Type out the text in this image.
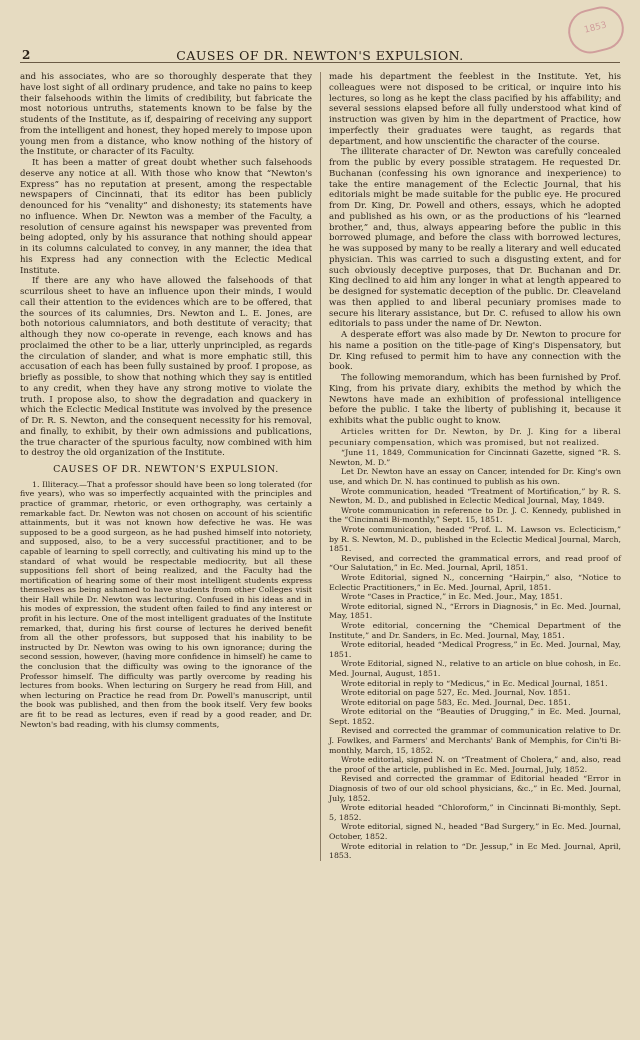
2	CAUSES OF DR. NEWTON'S EXPULSION.
1853

and his associates, who are so thoroughly desperate that they have lost sight of all ordinary prudence, and take no pains to keep their falsehoods within the limits of credibility, but fabricate the most notorious untruths, statements known to be false by the students of the Institute, as if, despairing of receiving any support from the intelligent and honest, they hoped merely to impose upon young men from a distance, who know nothing of the history of the Institute, or character of its Faculty.

It has been a matter of great doubt whether such falsehoods deserve any notice at all. With those who know that “Newton's Express” has no reputation at present, among the respectable newspapers of Cincinnati, that its editor has been publicly denounced for his “venality” and dishonesty; its statements have no influence. When Dr. Newton was a member of the Faculty, a resolution of censure against his newspaper was prevented from being adopted, only by his assurance that nothing should appear in its columns calculated to convey, in any manner, the idea that his Express had any connection with the Eclectic Medical Institute.

If there are any who have allowed the falsehoods of that scurrilous sheet to have an influence upon their minds, I would call their attention to the evidences which are to be offered, that the sources of its calumnies, Drs. Newton and L. E. Jones, are both notorious calumniators, and both destitute of veracity; that although they now co-operate in revenge, each knows and has proclaimed the other to be a liar, utterly unprincipled, as regards the circulation of slander, and what is more emphatic still, this accusation of each has been fully sustained by proof. I propose, as briefly as possible, to show that nothing which they say is entitled to any credit, when they have any strong motive to violate the truth. I propose also, to show the degradation and quackery in which the Eclectic Medical Institute was involved by the presence of Dr. R. S. Newton, and the consequent necessity for his removal, and finally, to exhibit, by their own admissions and publications, the true character of the spurious faculty, now combined with him to destroy the old organization of the Institute.

CAUSES OF DR. NEWTON'S EXPULSION.

1. Illiteracy.—That a professor should have been so long tolerated (for five years), who was so imperfectly acquainted with the principles and practice of grammar, rhetoric, or even orthography, was certainly a remarkable fact. Dr. Newton was not chosen on account of his scientific attainments, but it was not known how defective he was. He was supposed to be a good surgeon, as he had pushed himself into notoriety, and supposed, also, to be a very successful practitioner, and to be capable of learning to spell correctly, and cultivating his mind up to the standard of what would be respectable mediocrity, but all these suppositions fell short of being realized, and the Faculty had the mortification of hearing some of their most intelligent students express themselves as being ashamed to have students from other Colleges visit their Hall while Dr. Newton was lecturing. Confused in his ideas and in his modes of expression, the student often failed to find any interest or profit in his lecture. One of the most intelligent graduates of the Institute remarked, that, during his first course of lectures he derived benefit from all the other professors, but supposed that his inability to be instructed by Dr. Newton was owing to his own ignorance; during the second session, however, (having more confidence in himself) he came to the conclusion that the difficulty was owing to the ignorance of the Professor himself. The difficulty was partly overcome by reading his lectures from books. When lecturing on Surgery he read from Hill, and when lecturing on Practice he read from Dr. Powell's manuscript, until the book was published, and then from the book itself. Very few books are fit to be read as lectures, even if read by a good reader, and Dr. Newton's bad reading, with his clumsy comments,

made his department the feeblest in the Institute. Yet, his colleagues were not disposed to be critical, or inquire into his lectures, so long as he kept the class pacified by his affability; and several sessions elapsed before all fully understood what kind of instruction was given by him in the department of Practice, how imperfectly their graduates were taught, as regards that department, and how unscientific the character of the course.

The illiterate character of Dr. Newton was carefully concealed from the public by every possible stratagem. He requested Dr. Buchanan (confessing his own ignorance and inexperience) to take the entire management of the Eclectic Journal, that his editorials might be made suitable for the public eye. He procured from Dr. King, Dr. Powell and others, essays, which he adopted and published as his own, or as the productions of his “learned brother,” and, thus, always appearing before the public in this borrowed plumage, and before the class with borrowed lectures, he was supposed by many to be really a literary and well educated physician. This was carried to such a disgusting extent, and for such obviously deceptive purposes, that Dr. Buchanan and Dr. King declined to aid him any longer in what at length appeared to be designed for systematic deception of the public. Dr. Cleaveland was then applied to and liberal pecuniary promises made to secure his literary assistance, but Dr. C. refused to allow his own editorials to pass under the name of Dr. Newton.

A desperate effort was also made by Dr. Newton to procure for his name a position on the title-page of King's Dispensatory, but Dr. King refused to permit him to have any connection with the book.

The following memorandum, which has been furnished by Prof. King, from his private diary, exhibits the method by which the Newtons have made an exhibition of professional intelligence before the public. I take the liberty of publishing it, because it exhibits what the public ought to know.

Articles written for Dr. Newton, by Dr. J. King for a liberal pecuniary compensation, which was promised, but not realized.

“June 11, 1849, Communication for Cincinnati Gazette, signed “R. S. Newton, M. D.”

Let Dr. Newton have an essay on Cancer, intended for Dr. King's own use, and which Dr. N. has continued to publish as his own.

Wrote communication, headed “Treatment of Mortification,” by R. S. Newton, M. D., and published in Eclectic Medical Journal, May, 1849.

Wrote communication in reference to Dr. J. C. Kennedy, published in the “Cincinnati Bi-monthly,” Sept. 15, 1851.

Wrote communication, headed “Prof. L. M. Lawson vs. Eclecticism,” by R. S. Newton, M. D., published in the Eclectic Medical Journal, March, 1851.

Revised, and corrected the grammatical errors, and read proof of “Our Salutation,” in Ec. Med. Journal, April, 1851.

Wrote Editorial, signed N., concerning “Hairpin,” also, “Notice to Eclectic Practitioners,” in Ec. Med. Journal, April, 1851.

Wrote “Cases in Practice,” in Ec. Med. Jour., May, 1851.

Wrote editorial, signed N., “Errors in Diagnosis,” in Ec. Med. Journal, May, 1851.

Wrote editorial, concerning the “Chemical Department of the Institute,” and Dr. Sanders, in Ec. Med. Journal, May, 1851.

Wrote editorial, headed “Medical Progress,” in Ec. Med. Journal, May, 1851.

Wrote Editorial, signed N., relative to an article on blue cohosh, in Ec. Med. Journal, August, 1851.

Wrote editorial in reply to “Medicus,” in Ec. Medical Journal, 1851.

Wrote editorial on page 527, Ec. Med. Journal, Nov. 1851.

Wrote editorial on page 583, Ec. Med. Journal, Dec. 1851.

Wrote editorial on the “Beauties of Drugging,” in Ec. Med. Journal, Sept. 1852.

Revised and corrected the grammar of communication relative to Dr. J. Fowlkes, and Farmers' and Merchants' Bank of Memphis, for Cin'ti Bi-monthly, March, 15, 1852.

Wrote editorial, signed N. on “Treatment of Cholera,” and, also, read the proof of the article, published in Ec. Med. Journal, July, 1852.

Revised and corrected the grammar of Editorial headed “Error in Diagnosis of two of our old school physicians, &c.,” in Ec. Med. Journal, July, 1852.

Wrote editorial headed “Chloroform,” in Cincinnati Bi-monthly, Sept. 5, 1852.

Wrote editorial, signed N., headed “Bad Surgery,” in Ec. Med. Journal, October, 1852.

Wrote editorial in relation to “Dr. Jessup,” in Ec Med. Journal, April, 1853.
